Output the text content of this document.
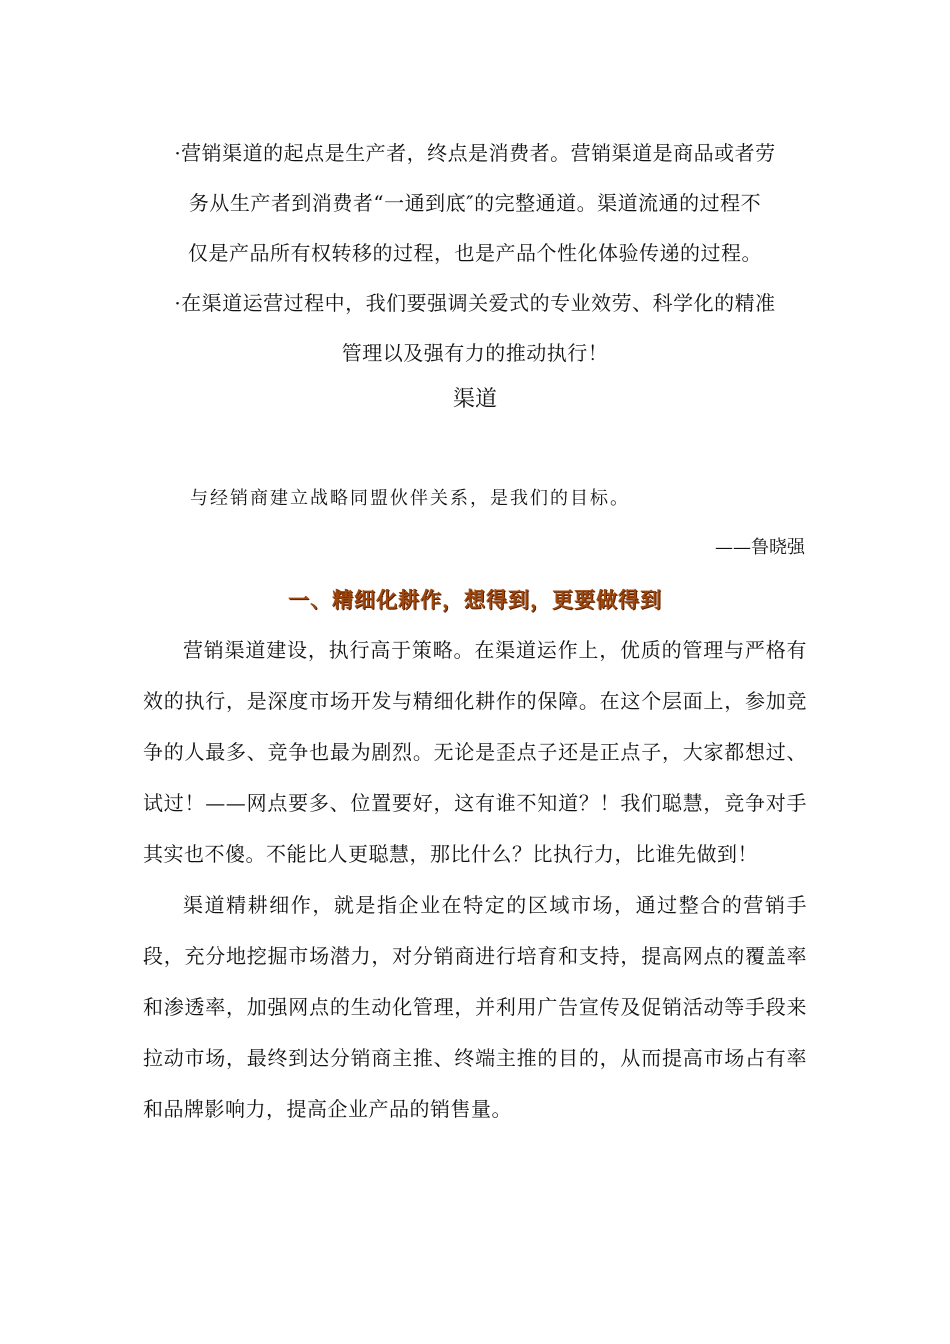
·营销渠道的起点是生产者，终点是消费者。营销渠道是商品或者劳

务从生产者到消费者“一通到底″的完整通道。渠道流通的过程不

仅是产品所有权转移的过程，也是产品个性化体验传递的过程。

·在渠道运营过程中，我们要强调关爱式的专业效劳、科学化的精准

管理以及强有力的推动执行！

渠道
与经销商建立战略同盟伙伴关系，是我们的目标。
——鲁晓强
一、精细化耕作，想得到，更要做得到

营销渠道建设，执行高于策略。在渠道运作上，优质的管理与严格有效的执行，是深度市场开发与精细化耕作的保障。在这个层面上，参加竞争的人最多、竞争也最为剧烈。无论是歪点子还是正点子，大家都想过、试过！——网点要多、位置要好，这有谁不知道？！我们聪慧，竞争对手其实也不傻。不能比人更聪慧，那比什么？比执行力，比谁先做到！

渠道精耕细作，就是指企业在特定的区域市场，通过整合的营销手段，充分地挖掘市场潜力，对分销商进行培育和支持，提高网点的覆盖率和渗透率，加强网点的生动化管理，并利用广告宣传及促销活动等手段来拉动市场，最终到达分销商主推、终端主推的目的，从而提高市场占有率和品牌影响力，提高企业产品的销售量。
